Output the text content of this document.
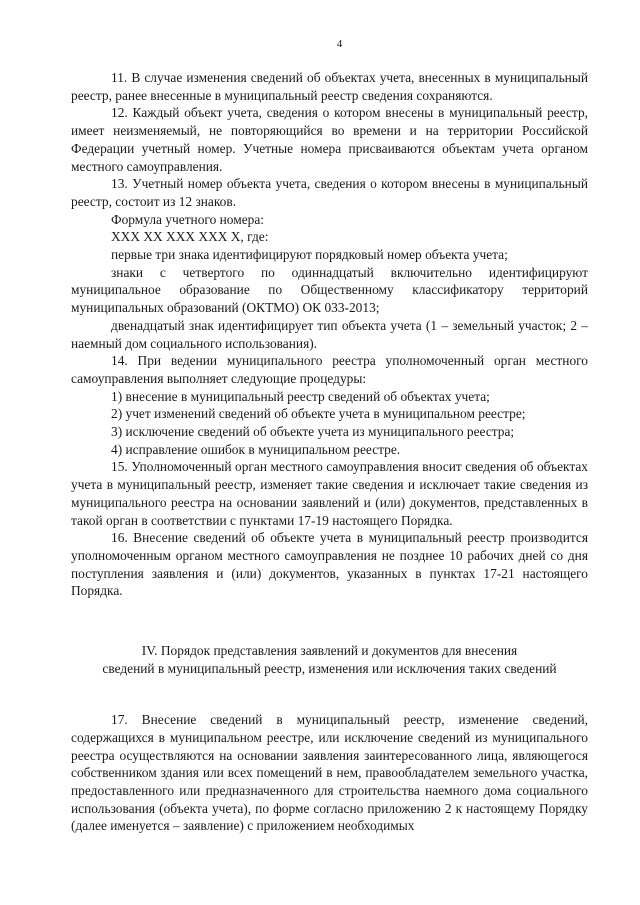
4

11. В случае изменения сведений об объектах учета, внесенных в муниципальный реестр, ранее внесенные в муниципальный реестр сведения сохраняются.

12. Каждый объект учета, сведения о котором внесены в муниципальный реестр, имеет неизменяемый, не повторяющийся во времени и на территории Российской Федерации учетный номер. Учетные номера присваиваются объектам учета органом местного самоуправления.

13. Учетный номер объекта учета, сведения о котором внесены в муниципальный реестр, состоит из 12 знаков.

Формула учетного номера:

XXX XX XXX XXX X, где:

первые три знака идентифицируют порядковый номер объекта учета;

знаки с четвертого по одиннадцатый включительно идентифицируют муниципальное образование по Общественному классификатору территорий муниципальных образований (ОКТМО) ОК 033-2013;

двенадцатый знак идентифицирует тип объекта учета (1 – земельный участок; 2 – наемный дом социального использования).

14. При ведении муниципального реестра уполномоченный орган местного самоуправления выполняет следующие процедуры:

1) внесение в муниципальный реестр сведений об объектах учета;

2) учет изменений сведений об объекте учета в муниципальном реестре;

3) исключение сведений об объекте учета из муниципального реестра;

4) исправление ошибок в муниципальном реестре.

15. Уполномоченный орган местного самоуправления вносит сведения об объектах учета в муниципальный реестр, изменяет такие сведения и исключает такие сведения из муниципального реестра на основании заявлений и (или) документов, представленных в такой орган в соответствии с пунктами 17-19 настоящего Порядка.

16. Внесение сведений об объекте учета в муниципальный реестр производится уполномоченным органом местного самоуправления не позднее 10 рабочих дней со дня поступления заявления и (или) документов, указанных в пунктах 17-21 настоящего Порядка.

IV. Порядок представления заявлений и документов для внесения
сведений в муниципальный реестр, изменения или исключения таких сведений

17. Внесение сведений в муниципальный реестр, изменение сведений, содержащихся в муниципальном реестре, или исключение сведений из муниципального реестра осуществляются на основании заявления заинтересованного лица, являющегося собственником здания или всех помещений в нем, правообладателем земельного участка, предоставленного или предназначенного для строительства наемного дома социального использования (объекта учета), по форме согласно приложению 2 к настоящему Порядку (далее именуется – заявление) с приложением необходимых
